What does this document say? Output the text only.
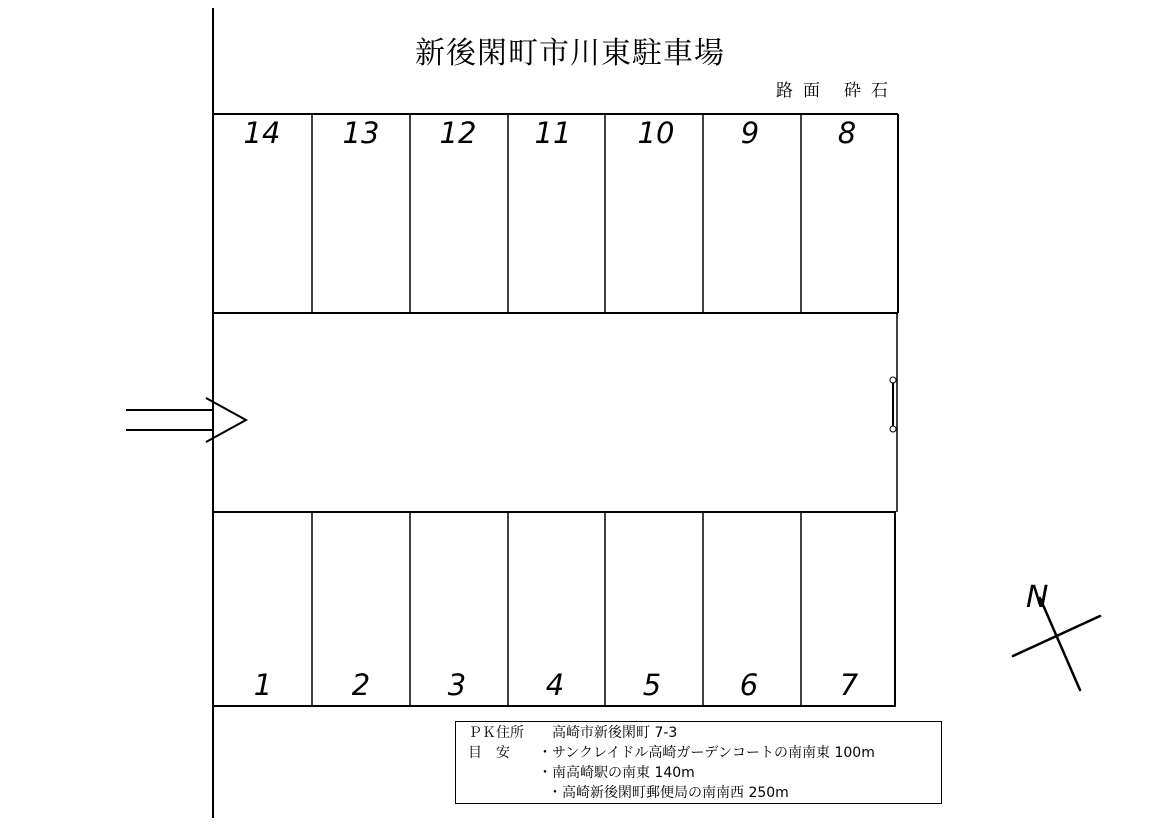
新後閑町市川東駐車場
路面 砕石
14 13 12 11 10	9	8
1	2	3	4	5	6	7
N
ＰＫ住所 高崎市新後閑町 7-3
目　安 ・サンクレイドル高崎ガーデンコートの南南東 100m
・南高崎駅の南東 140m
・高崎新後閑町郵便局の南南西 250m
